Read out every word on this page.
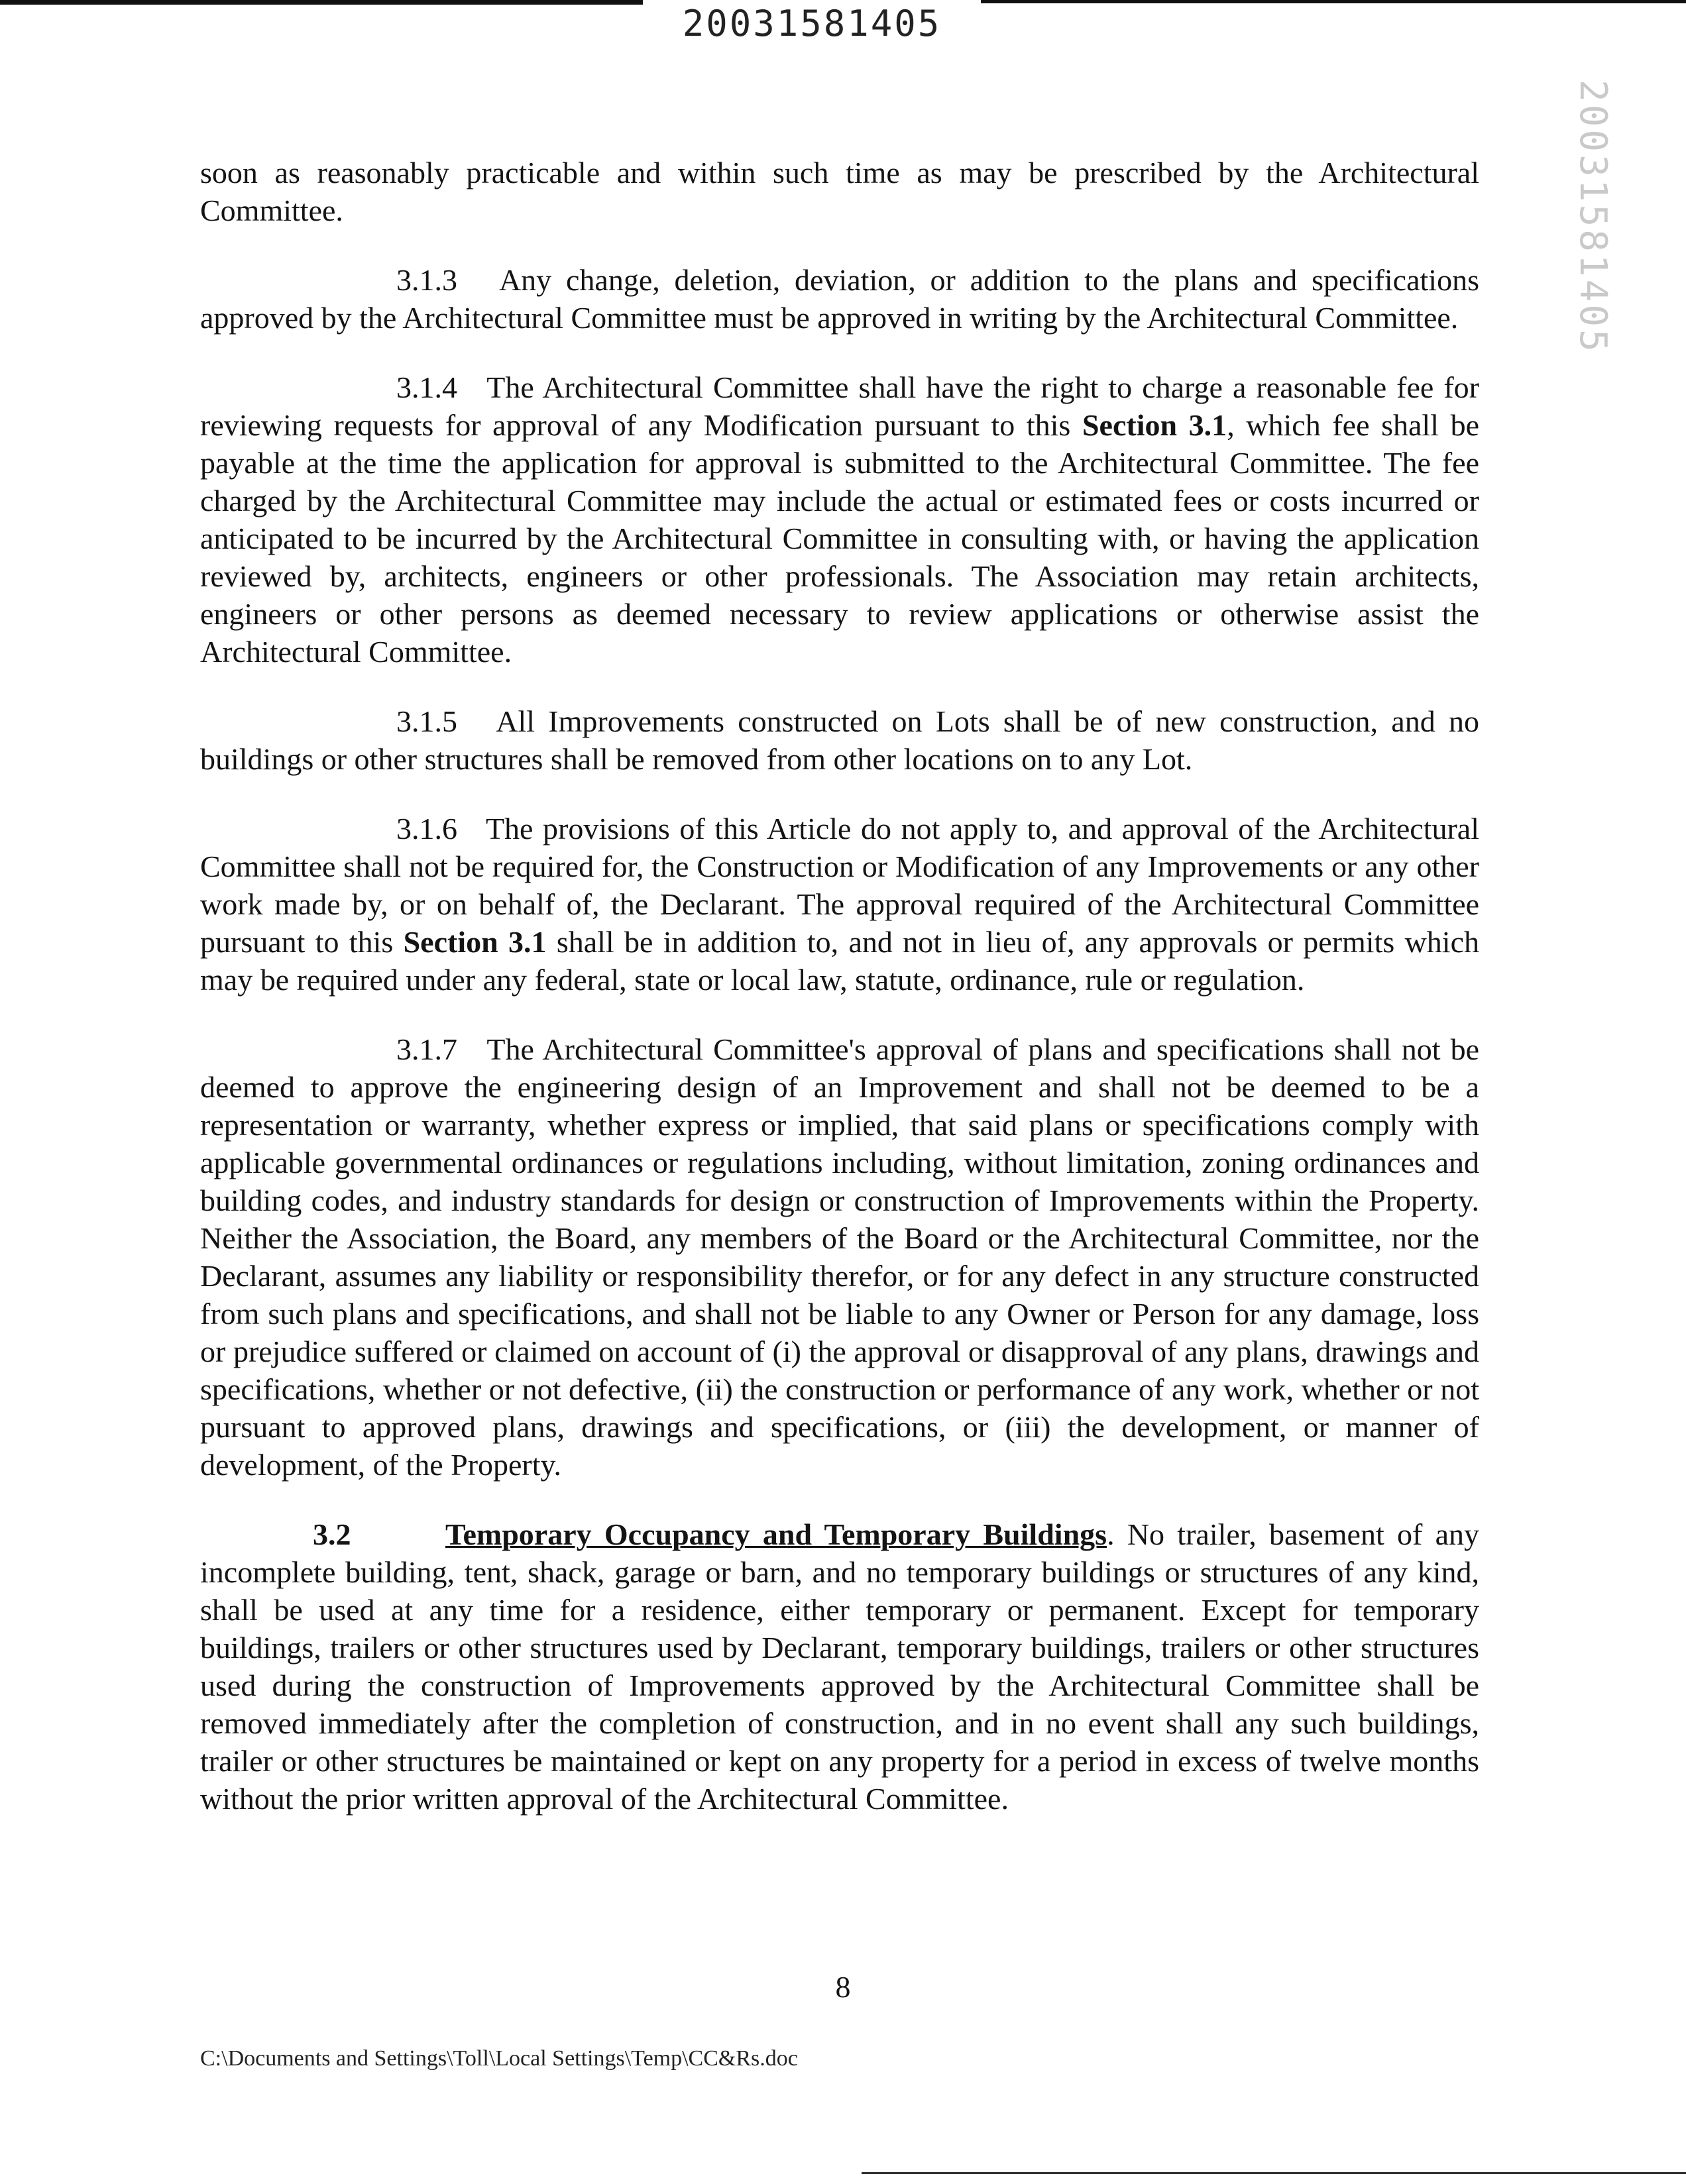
20031581405
20031581405

soon as reasonably practicable and within such time as may be prescribed by the Architectural Committee.

3.1.3 Any change, deletion, deviation, or addition to the plans and specifications approved by the Architectural Committee must be approved in writing by the Architectural Committee.

3.1.4 The Architectural Committee shall have the right to charge a reasonable fee for reviewing requests for approval of any Modification pursuant to this Section 3.1, which fee shall be payable at the time the application for approval is submitted to the Architectural Committee. The fee charged by the Architectural Committee may include the actual or estimated fees or costs incurred or anticipated to be incurred by the Architectural Committee in consulting with, or having the application reviewed by, architects, engineers or other professionals. The Association may retain architects, engineers or other persons as deemed necessary to review applications or otherwise assist the Architectural Committee.

3.1.5 All Improvements constructed on Lots shall be of new construction, and no buildings or other structures shall be removed from other locations on to any Lot.

3.1.6 The provisions of this Article do not apply to, and approval of the Architectural Committee shall not be required for, the Construction or Modification of any Improvements or any other work made by, or on behalf of, the Declarant. The approval required of the Architectural Committee pursuant to this Section 3.1 shall be in addition to, and not in lieu of, any approvals or permits which may be required under any federal, state or local law, statute, ordinance, rule or regulation.

3.1.7 The Architectural Committee's approval of plans and specifications shall not be deemed to approve the engineering design of an Improvement and shall not be deemed to be a representation or warranty, whether express or implied, that said plans or specifications comply with applicable governmental ordinances or regulations including, without limitation, zoning ordinances and building codes, and industry standards for design or construction of Improvements within the Property. Neither the Association, the Board, any members of the Board or the Architectural Committee, nor the Declarant, assumes any liability or responsibility therefor, or for any defect in any structure constructed from such plans and specifications, and shall not be liable to any Owner or Person for any damage, loss or prejudice suffered or claimed on account of (i) the approval or disapproval of any plans, drawings and specifications, whether or not defective, (ii) the construction or performance of any work, whether or not pursuant to approved plans, drawings and specifications, or (iii) the development, or manner of development, of the Property.

3.2	Temporary Occupancy and Temporary Buildings. No trailer, basement of any incomplete building, tent, shack, garage or barn, and no temporary buildings or structures of any kind, shall be used at any time for a residence, either temporary or permanent. Except for temporary buildings, trailers or other structures used by Declarant, temporary buildings, trailers or other structures used during the construction of Improvements approved by the Architectural Committee shall be removed immediately after the completion of construction, and in no event shall any such buildings, trailer or other structures be maintained or kept on any property for a period in excess of twelve months without the prior written approval of the Architectural Committee.

8
C:\Documents and Settings\Toll\Local Settings\Temp\CC&Rs.doc
